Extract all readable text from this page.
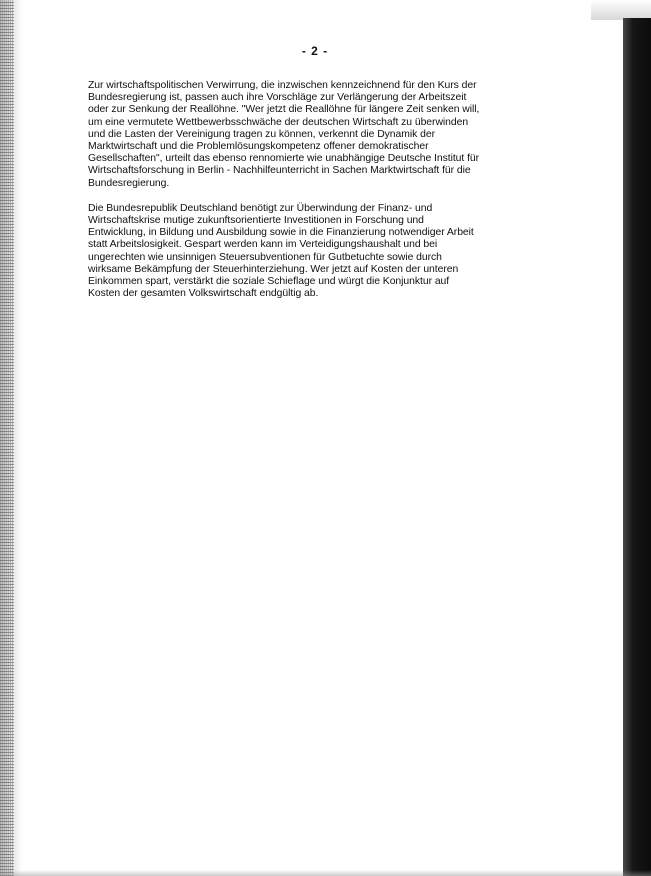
- 2 -

Zur wirtschaftspolitischen Verwirrung, die inzwischen kennzeichnend für den Kurs der
Bundesregierung ist, passen auch ihre Vorschläge zur Verlängerung der Arbeitszeit
oder zur Senkung der Reallöhne. "Wer jetzt die Reallöhne für längere Zeit senken will,
um eine vermutete Wettbewerbsschwäche der deutschen Wirtschaft zu überwinden
und die Lasten der Vereinigung tragen zu können, verkennt die Dynamik der
Marktwirtschaft und die Problemlösungskompetenz offener demokratischer
Gesellschaften", urteilt das ebenso rennomierte wie unabhängige Deutsche Institut für
Wirtschaftsforschung in Berlin - Nachhilfeunterricht in Sachen Marktwirtschaft für die
Bundesregierung.

Die Bundesrepublik Deutschland benötigt zur Überwindung der Finanz- und
Wirtschaftskrise mutige zukunftsorientierte Investitionen in Forschung und
Entwicklung, in Bildung und Ausbildung sowie in die Finanzierung notwendiger Arbeit
statt Arbeitslosigkeit. Gespart werden kann im Verteidigungshaushalt und bei
ungerechten wie unsinnigen Steuersubventionen für Gutbetuchte sowie durch
wirksame Bekämpfung der Steuerhinterziehung. Wer jetzt auf Kosten der unteren
Einkommen spart, verstärkt die soziale Schieflage und würgt die Konjunktur auf
Kosten der gesamten Volkswirtschaft endgültig ab.
